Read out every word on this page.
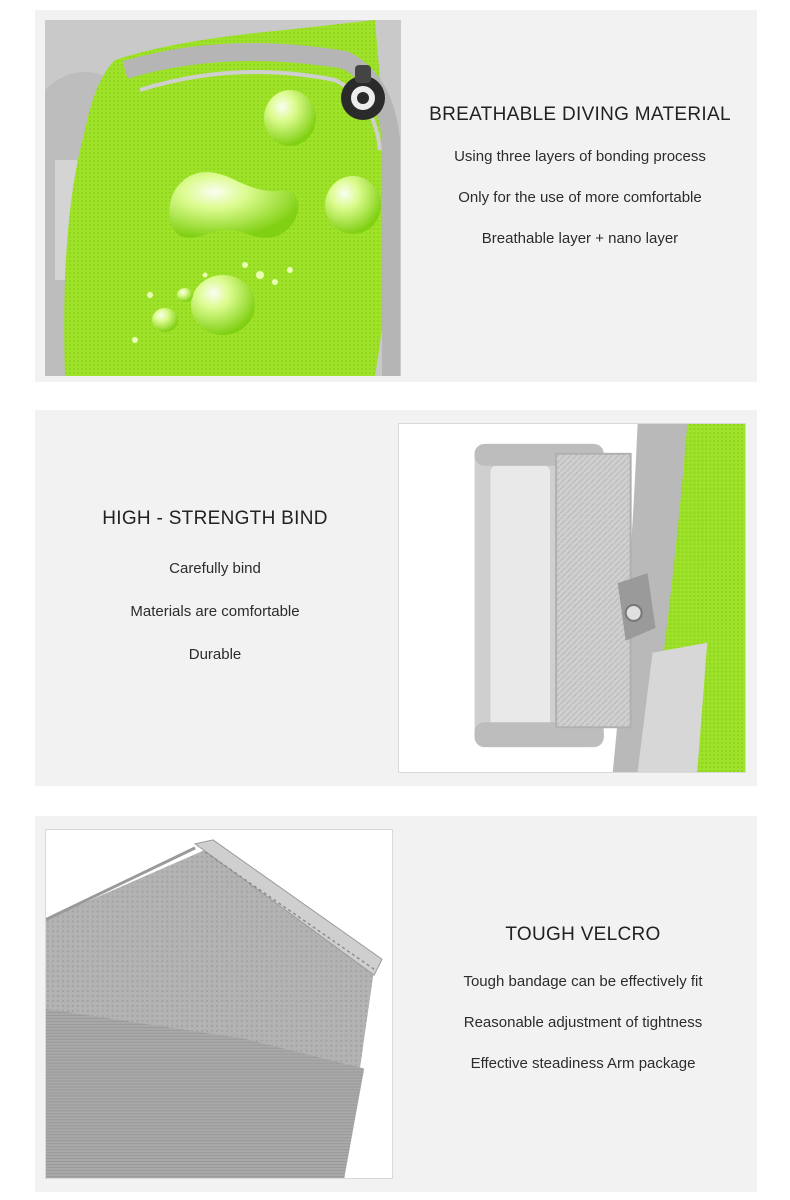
BREATHABLE DIVING MATERIAL
Using three layers of bonding process
Only for the use of more comfortable
Breathable layer + nano layer
HIGH - STRENGTH BIND
Carefully bind
Materials are comfortable
Durable
TOUGH VELCRO
Tough bandage can be effectively fit
Reasonable adjustment of tightness
Effective steadiness Arm package
